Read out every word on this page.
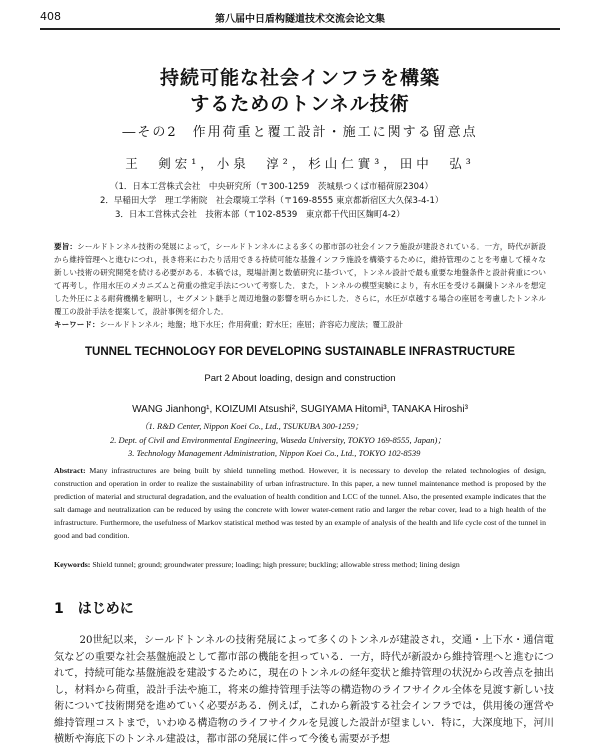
408	第八届中日盾构隧道技术交流会论文集
持続可能な社会インフラを構築
するためのトンネル技術
―その2　作用荷重と覆工設計・施工に関する留意点
王　剣宏¹，小泉　淳²，杉山仁實³，田中　弘³
（1．日本工営株式会社　中央研究所（〒300-1259　茨城県つくば市稲荷原2304）
2．早稲田大学　理工学術院　社会環境工学科（〒169-8555 東京都新宿区大久保3-4-1）
3．日本工営株式会社　技術本部（〒102-8539　東京都千代田区麹町4-2）
要旨：シールドトンネル技術の発展によって，シールドトンネルによる多くの都市部の社会インフラ施設が建設されている．一方，時代が新設から維持管理へと進むにつれ，長き将来にわたり活用できる持続可能な基盤インフラ施設を構築するために，維持管理のことを考慮して様々な新しい技術の研究開発を続ける必要がある．本稿では，現場計測と数値研究に基づいて，トンネル設計で最も重要な地盤条件と設計荷重について再考し，作用水圧のメカニズムと荷重の推定手法について考察した．また，トンネルの模型実験により，有水圧を受ける鋼繊トンネルを想定した外圧による耐荷機構を解明し，セグメント継手と周辺地盤の影響を明らかにした．さらに，水圧が卓越する場合の座屈を考慮したトンネル覆工の設計手法を提案して，設計事例を紹介した．
キーワード：シールドトンネル；地盤；地下水圧；作用荷重；貯水圧；座屈；許容応力度法；覆工設計
TUNNEL TECHNOLOGY FOR DEVELOPING SUSTAINABLE INFRASTRUCTURE
Part 2 About loading, design and construction
WANG Jianhong¹, KOIZUMI Atsushi², SUGIYAMA Hitomi³, TANAKA Hiroshi³
（1. R&D Center, Nippon Koei Co., Ltd., TSUKUBA 300-1259；
2. Dept. of Civil and Environmental Engineering, Waseda University, TOKYO 169-8555, Japan)；
3. Technology Management Administration, Nippon Koei Co., Ltd., TOKYO 102-8539
Abstract: Many infrastructures are being built by shield tunneling method. However, it is necessary to develop the related technologies of design, construction and operation in order to realize the sustainability of urban infrastructure. In this paper, a new tunnel maintenance method is proposed by the prediction of material and structural degradation, and the evaluation of health condition and LCC of the tunnel. Also, the presented example indicates that the salt damage and neutralization can be reduced by using the concrete with lower water-cement ratio and larger the rebar cover, lead to a high health of the infrastructure. Furthermore, the usefulness of Markov statistical method was tested by an example of analysis of the health and life cycle cost of the tunnel in good and bad condition.
Keywords: Shield tunnel; ground; groundwater pressure; loading; high pressure; buckling; allowable stress method; lining design
1 はじめに
20世紀以来，シールドトンネルの技術発展によって多くのトンネルが建設され，交通・上下水・通信電気などの重要な社会基盤施設として都市部の機能を担っている．一方，時代が新設から維持管理へと進むにつれて，持続可能な基盤施設を建設するために，現在のトンネルの経年変状と維持管理の状況から改善点を抽出し，材料から荷重，設計手法や施工，将来の維持管理手法等の構造物のライフサイクル全体を見渡す新しい技術について技術開発を進めていく必要がある．例えば，これから新設する社会インフラでは，供用後の運営や維持管理コストまで，いわゆる構造物のライフサイクルを見渡した設計が望ましい．特に，大深度地下，河川横断や海底下のトンネル建設は，都市部の発展に伴って今後も需要が予想
